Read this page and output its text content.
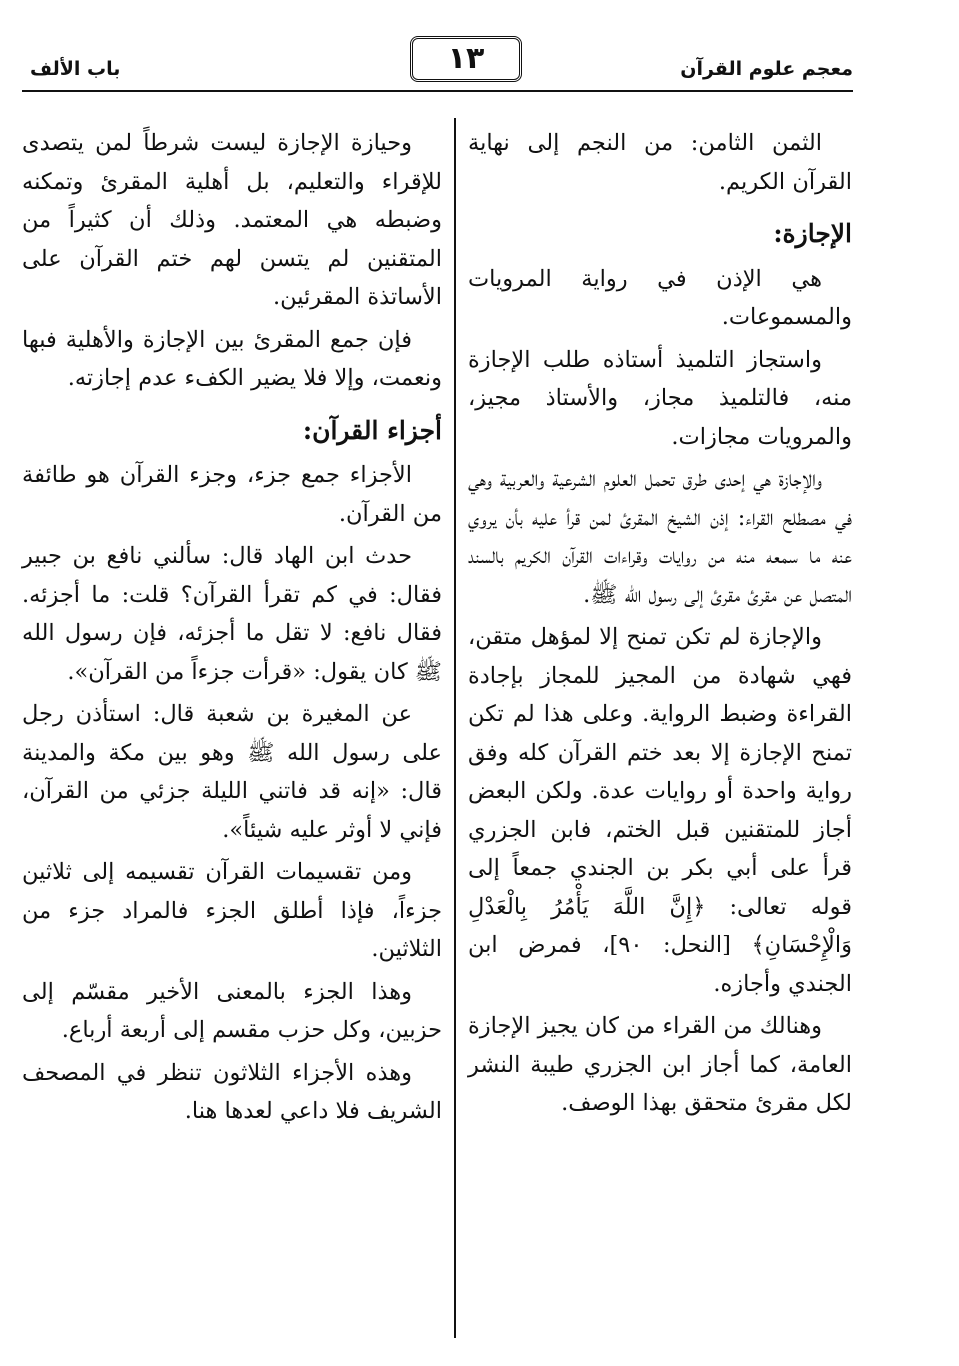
باب الألف	١٣	معجم علوم القرآن
الثمن الثامن: من النجم إلى نهاية القرآن الكريم.
الإجازة:
هي الإذن في رواية المرويات والمسموعات.
واستجاز التلميذ أستاذه طلب الإجازة منه، فالتلميذ مجاز، والأستاذ مجيز، والمرويات مجازات.
والإجازة هي إحدى طرق تحمل العلوم الشرعية والعربية وهي في مصطلح القراء: إذن الشيخ المقرئ لمن قرأ عليه بأن يروي عنه ما سمعه منه من روايات وقراءات القرآن الكريم بالسند المتصل عن مقرئ مقرئ إلى رسول الله ﷺ.
والإجازة لم تكن تمنح إلا لمؤهل متقن، فهي شهادة من المجيز للمجاز بإجادة القراءة وضبط الرواية. وعلى هذا لم تكن تمنح الإجازة إلا بعد ختم القرآن كله وفق رواية واحدة أو روايات عدة. ولكن البعض أجاز للمتقنين قبل الختم، فابن الجزري قرأ على أبي بكر بن الجندي جمعاً إلى قوله تعالى: ﴿إِنَّ اللَّهَ يَأْمُرُ بِالْعَدْلِ وَالْإِحْسَانِ﴾ [النحل: ٩٠]، فمرض ابن الجندي وأجازه.
وهنالك من القراء من كان يجيز الإجازة العامة، كما أجاز ابن الجزري طيبة النشر لكل مقرئ متحقق بهذا الوصف.
وحيازة الإجازة ليست شرطاً لمن يتصدى للإقراء والتعليم، بل أهلية المقرئ وتمكنه وضبطه هي المعتمد. وذلك أن كثيراً من المتقنين لم يتسن لهم ختم القرآن على الأساتذة المقرئين.
فإن جمع المقرئ بين الإجازة والأهلية فبها ونعمت، وإلا فلا يضير الكفء عدم إجازته.
أجزاء القرآن:
الأجزاء جمع جزء، وجزء القرآن هو طائفة من القرآن.
حدث ابن الهاد قال: سألني نافع بن جبير فقال: في كم تقرأ القرآن؟ قلت: ما أجزئه. فقال نافع: لا تقل ما أجزئه، فإن رسول الله ﷺ كان يقول: «قرأت جزءاً من القرآن».
عن المغيرة بن شعبة قال: استأذن رجل على رسول الله ﷺ وهو بين مكة والمدينة قال: «إنه قد فاتني الليلة جزئي من القرآن، فإني لا أوثر عليه شيئاً».
ومن تقسيمات القرآن تقسيمه إلى ثلاثين جزءاً، فإذا أطلق الجزء فالمراد جزء من الثلاثين.
وهذا الجزء بالمعنى الأخير مقسّم إلى حزبين، وكل حزب مقسم إلى أربعة أرباع.
وهذه الأجزاء الثلاثون تنظر في المصحف الشريف فلا داعي لعدها هنا.
